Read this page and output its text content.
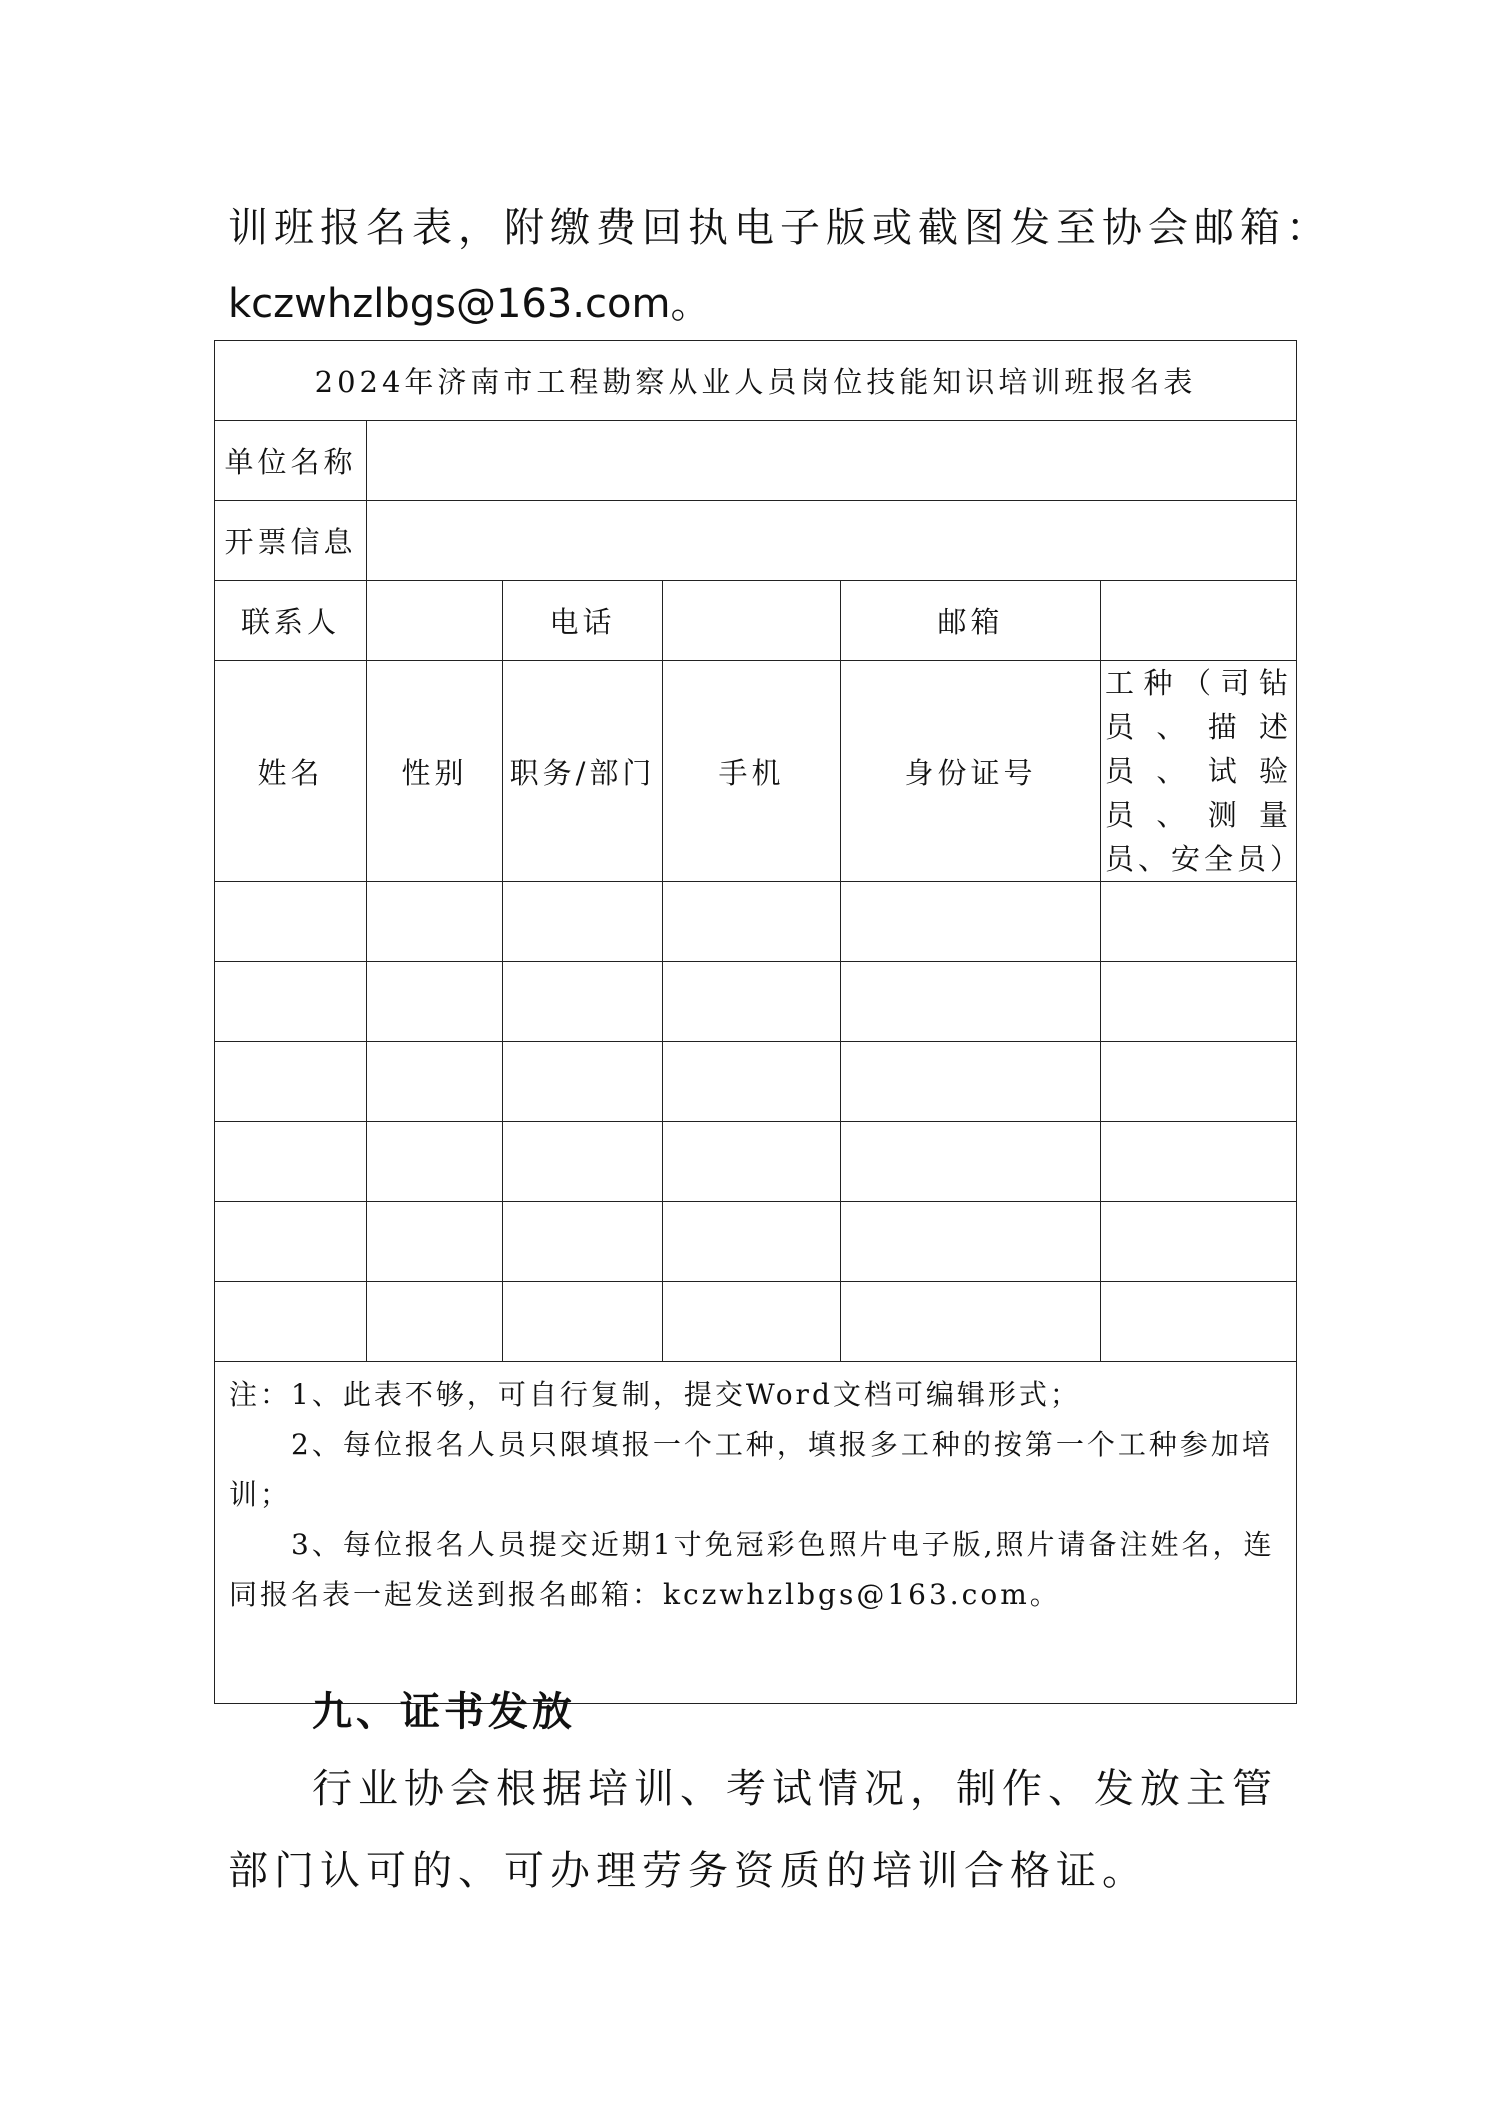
训班报名表，附缴费回执电子版或截图发至协会邮箱：
kczwhzlbgs@163.com。
2024年济南市工程勘察从业人员岗位技能知识培训班报名表					
单位名称					
开票信息					
联系人		电话		邮箱	
姓名	性别	职务/部门	手机	身份证号	工种（司钻员、描述员、试验员、测量员、安全员）

注：1、此表不够，可自行复制，提交Word文档可编辑形式；

2、每位报名人员只限填报一个工种，填报多工种的按第一个工种参加培训；

3、每位报名人员提交近期1寸免冠彩色照片电子版,照片请备注姓名，连同报名表一起发送到报名邮箱：kczwhzlbgs@163.com。					

九、证书发放
行业协会根据培训、考试情况，制作、发放主管部门认可的、可办理劳务资质的培训合格证。
